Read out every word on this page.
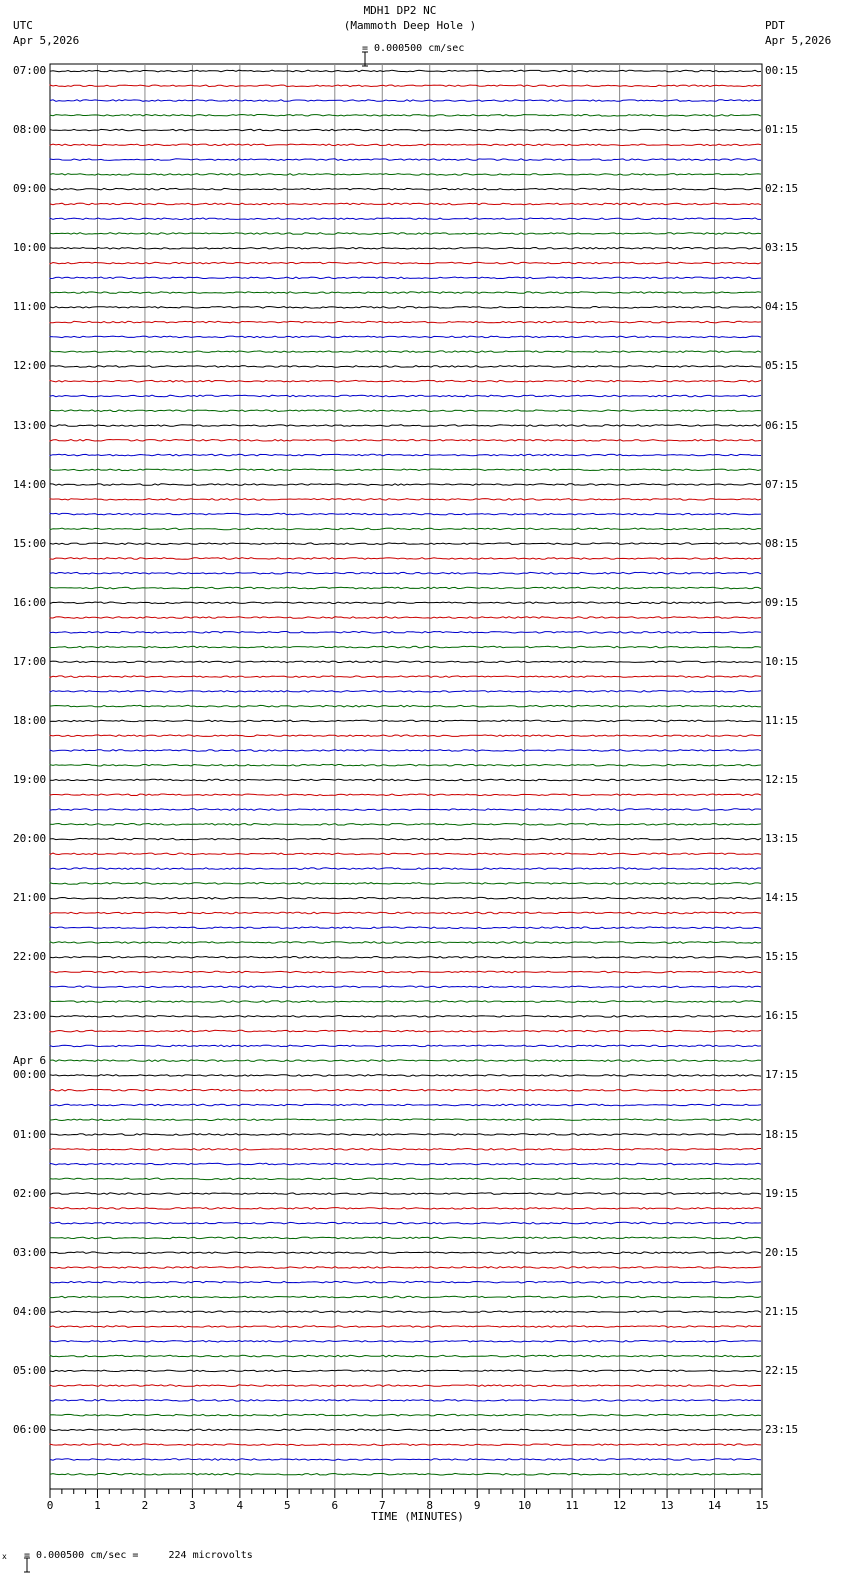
0	1	2	3	4	5	6	7	8	9	10	11	12	13	14	15
MDH1 DP2 NC
(Mammoth Deep Hole )

= 0.000500 cm/sec
UTC
Apr 5,2026
PDT
Apr 5,2026
TIME (MINUTES)
x

= 0.000500 cm/sec =     224 microvolts
07:00
08:00
09:00
10:00
11:00
12:00
13:00
14:00
15:00
16:00
17:00
18:00
19:00
20:00
21:00
22:00
23:00
00:00
Apr 6
01:00
02:00
03:00
04:00
05:00
06:00
00:15
01:15
02:15
03:15
04:15
05:15
06:15
07:15
08:15
09:15
10:15
11:15
12:15
13:15
14:15
15:15
16:15
17:15
18:15
19:15
20:15
21:15
22:15
23:15
